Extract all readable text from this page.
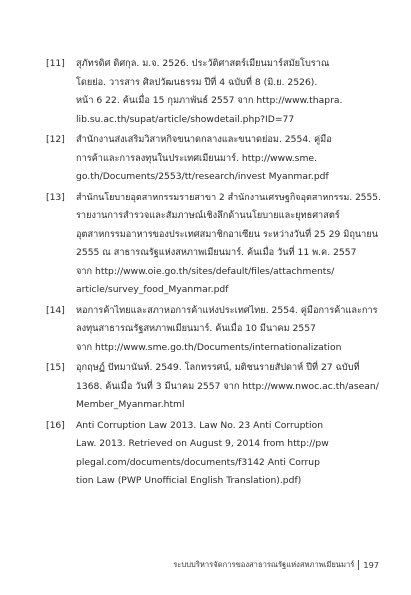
[11] สุภัทรดิศ ดิศกุล. ม.จ. 2526. ประวัติศาสตร์เมียนมาร์สมัยโบราณ
โดยย่อ. วารสาร ศิลปวัฒนธรรม ปีที่ 4 ฉบับที่ 8 (มิ.ย. 2526).
หน้า 6 22. ค้นเมื่อ 15 กุมภาพันธ์ 2557 จาก http://www.thapra.
lib.su.ac.th/supat/article/showdetail.php?ID=77
[12] สำนักงานส่งเสริมวิสาหกิจขนาดกลางและขนาดย่อม. 2554. คู่มือ
การค้าและการลงทุนในประเทศเมียนมาร์. http://www.sme.
go.th/Documents/2553/tt/research/invest Myanmar.pdf
[13] สำนักนโยบายอุตสาหกรรมรายสาขา 2 สำนักงานเศรษฐกิจอุตสาหกรรม. 2555.
รายงานการสำรวจและสัมภาษณ์เชิงลึกด้านนโยบายและยุทธศาสตร์
อุตสาหกรรมอาหารของประเทศสมาชิกอาเซียน ระหว่างวันที่ 25 29 มิถุนายน
2555 ณ สาธารณรัฐแห่งสหภาพเมียนมาร์. ค้นเมื่อ วันที่ 11 พ.ค. 2557
จาก http://www.oie.go.th/sites/default/files/attachments/
article/survey_food_Myanmar.pdf
[14] หอการค้าไทยและสภาหอการค้าแห่งประเทศไทย. 2554. คู่มือการค้าและการ
ลงทุนสาธารณรัฐสหภาพเมียนมาร์. ค้นเมื่อ 10 มีนาคม 2557
จาก http://www.sme.go.th/Documents/internationalization
[15] อุกฤษฏ์ ปัทมานันท์. 2549. โลกทรรศน์, มติชนรายสัปดาห์ ปีที่ 27 ฉบับที่
1368. ค้นเมื่อ วันที่ 3 มีนาคม 2557 จาก http://www.nwoc.ac.th/asean/
Member_Myanmar.html
[16] Anti Corruption Law 2013. Law No. 23 Anti Corruption
Law. 2013. Retrieved on August 9, 2014 from http://pw
plegal.com/documents/documents/f3142 Anti Corrup
tion Law (PWP Unofficial English Translation).pdf)
ระบบบริหารจัดการของสาธารณรัฐแห่งสหภาพเมียนมาร์ 197
